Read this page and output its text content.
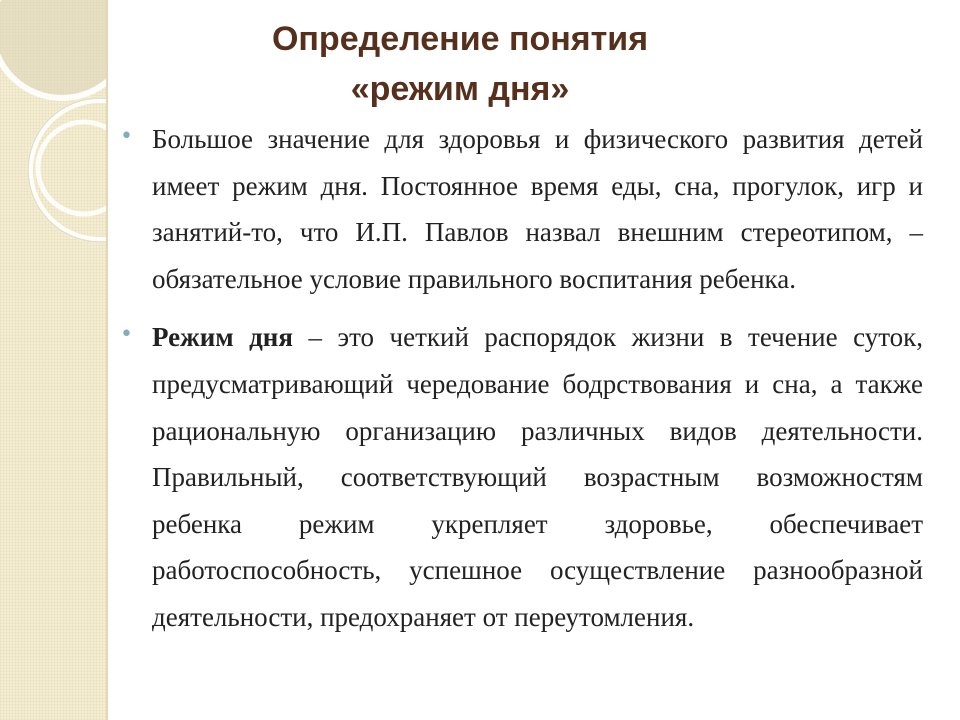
Определение понятия
«режим дня»
• Большое значение для здоровья и физического развития детей имеет режим дня. Постоянное время еды, сна, прогулок, игр и занятий-то, что И.П. Павлов назвал внешним стереотипом, – обязательное условие правильного воспитания ребенка.
• Режим дня – это четкий распорядок жизни в течение суток, предусматривающий чередование бодрствования и сна, а также рациональную организацию различных видов деятельности. Правильный, соответствующий возрастным возможностям ребенка режим укрепляет здоровье, обеспечивает работоспособность, успешное осуществление разнообразной деятельности, предохраняет от переутомления.
